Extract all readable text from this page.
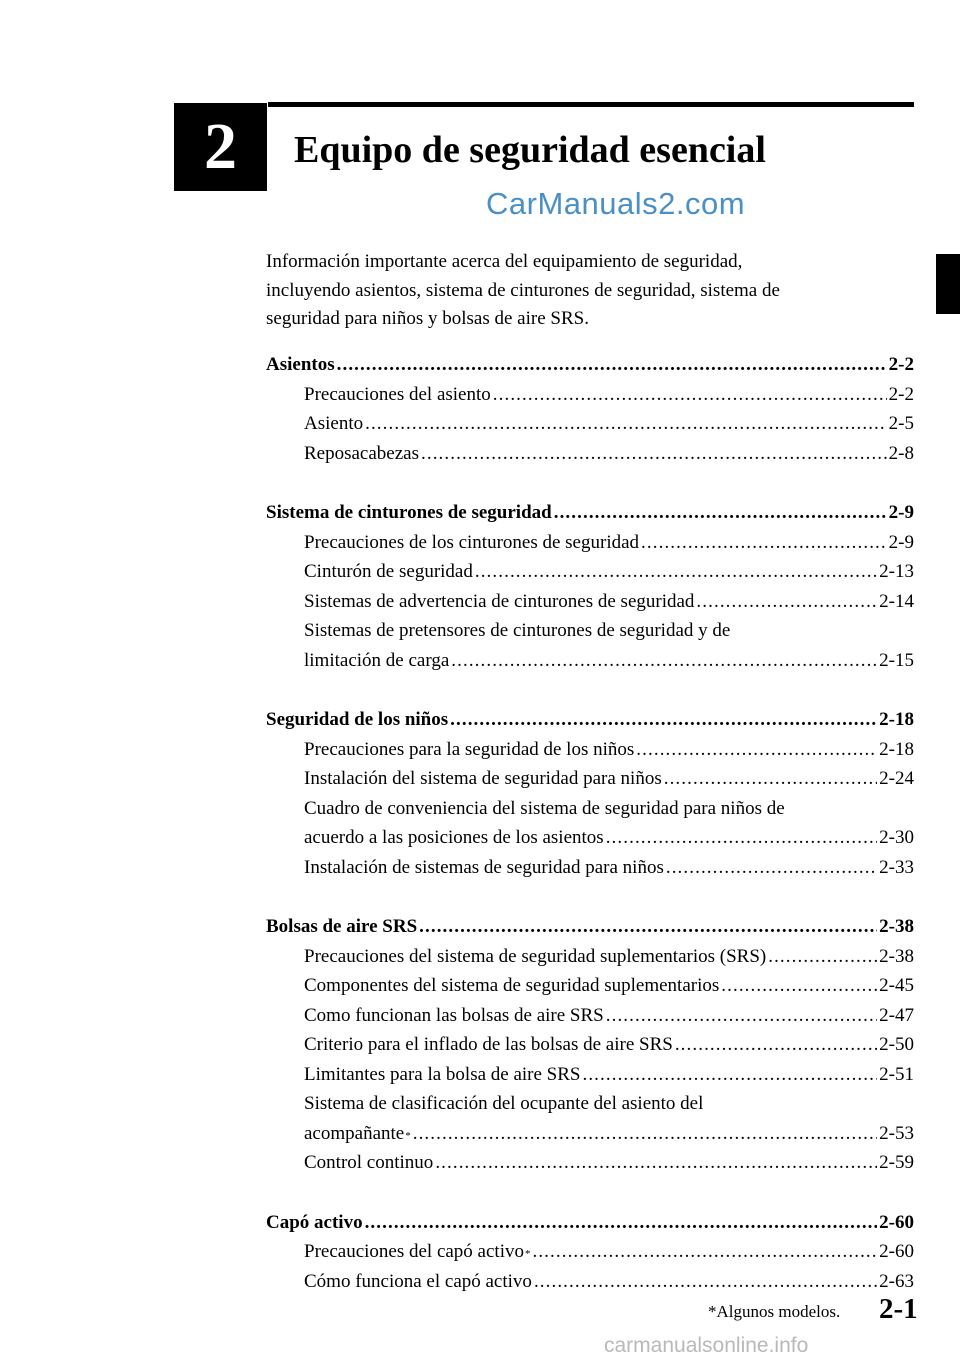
2 Equipo de seguridad esencial
CarManuals2.com
Información importante acerca del equipamiento de seguridad,
incluyendo asientos, sistema de cinturones de seguridad, sistema de
seguridad para niños y bolsas de aire SRS.
Asientos .....	2-2
Precauciones del asiento .....	2-2
Asiento .....	2-5
Reposacabezas .....	2-8
Sistema de cinturones de seguridad .....	2-9
Precauciones de los cinturones de seguridad .....	2-9
Cinturón de seguridad .....	2-13
Sistemas de advertencia de cinturones de seguridad .....	2-14
Sistemas de pretensores de cinturones de seguridad y de
limitación de carga .....	2-15
Seguridad de los niños .....	2-18
Precauciones para la seguridad de los niños .....	2-18
Instalación del sistema de seguridad para niños .....	2-24
Cuadro de conveniencia del sistema de seguridad para niños de
acuerdo a las posiciones de los asientos .....	2-30
Instalación de sistemas de seguridad para niños .....	2-33
Bolsas de aire SRS .....	2-38
Precauciones del sistema de seguridad suplementarios (SRS) .....	2-38
Componentes del sistema de seguridad suplementarios .....	2-45
Como funcionan las bolsas de aire SRS .....	2-47
Criterio para el inflado de las bolsas de aire SRS .....	2-50
Limitantes para la bolsa de aire SRS .....	2-51
Sistema de clasificación del ocupante del asiento del
acompañante * .....	2-53
Control continuo .....	2-59
Capó activo .....	2-60
Precauciones del capó activo * .....	2-60
Cómo funciona el capó activo .....	2-63
*Algunos modelos. 2-1
carmanualsonline.info
